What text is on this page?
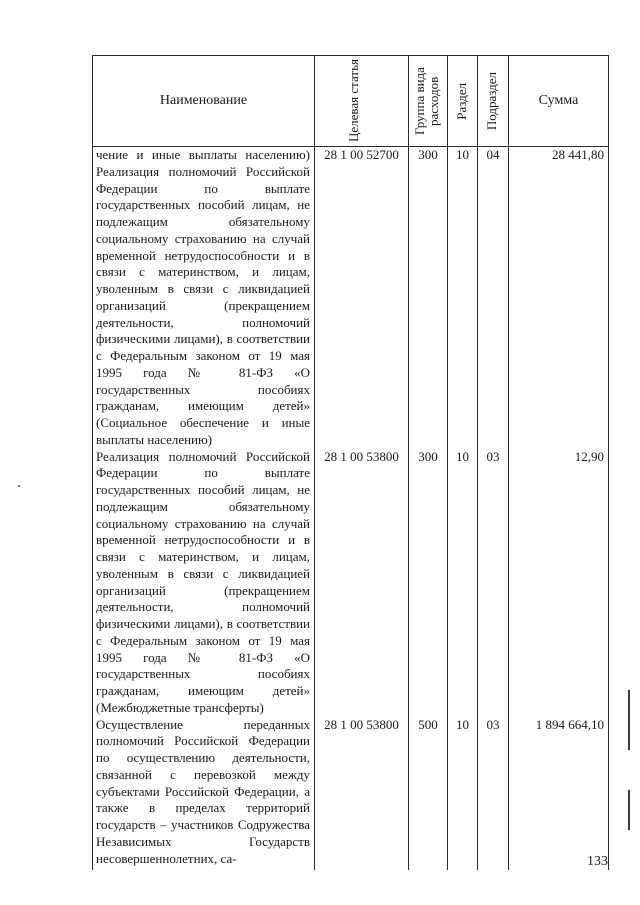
Наименование	Целевая статья	Группа вида расходов	Раздел	Подраздел	Сумма
чение и иные выплаты населению) Реализация полномочий Российской Федерации по выплате государственных пособий лицам, не подлежащим обязательному социальному страхованию на случай временной нетрудоспособности и в связи с материнством, и лицам, уволенным в связи с ликвидацией организаций (прекращением деятельности, полномочий физическими лицами), в соответствии с Федеральным законом от 19 мая 1995 года № 81-ФЗ «О государственных пособиях гражданам, имеющим детей» (Социальное обеспечение и иные выплаты населению)	28 1 00 52700	300	10	04	28 441,80
Реализация полномочий Российской Федерации по выплате государственных пособий лицам, не подлежащим обязательному социальному страхованию на случай временной нетрудоспособности и в связи с материнством, и лицам, уволенным в связи с ликвидацией организаций (прекращением деятельности, полномочий физическими лицами), в соответствии с Федеральным законом от 19 мая 1995 года № 81-ФЗ «О государственных пособиях гражданам, имеющим детей» (Межбюджетные трансферты)	28 1 00 53800	300	10	03	12,90
Осуществление переданных полномочий Российской Федерации по осуществлению деятельности, связанной с перевозкой между субъектами Российской Федерации, а также в пределах территорий государств – участников Содружества Независимых Государств несовершеннолетних, са-	28 1 00 53800	500	10	03	1 894 664,10
133
